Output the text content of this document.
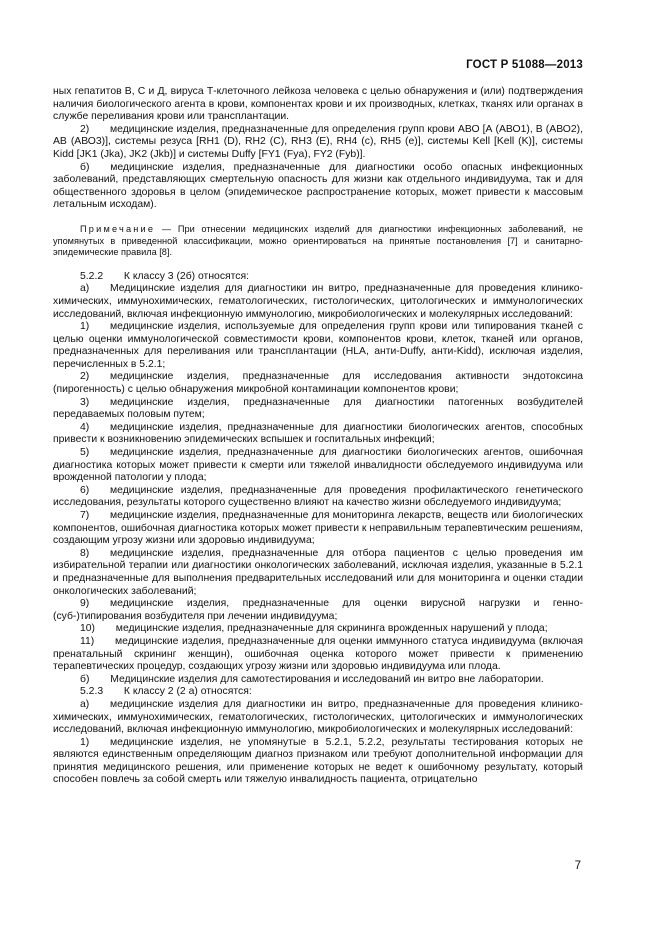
ГОСТ Р 51088—2013

ных гепатитов В, С и Д, вируса Т-клеточного лейкоза человека с целью обнаружения и (или) подтверждения наличия биологического агента в крови, компонентах крови и их производных, клетках, тканях или органах в службе переливания крови или трансплантации.

2)  медицинские изделия, предназначенные для определения групп крови АВО [А (АВО1), В (АВО2), АВ (АВО3)], системы резуса [RH1 (D), RH2 (С), RH3 (Е), RH4 (с), RH5 (е)], системы Kell [Kell (K)], системы Kidd [JK1 (Jka), JK2 (Jkb)] и системы Duffy [FY1 (Fya), FY2 (Fyb)].

б)  медицинские изделия, предназначенные для диагностики особо опасных инфекционных заболеваний, представляющих смертельную опасность для жизни как отдельного индивидуума, так и для общественного здоровья в целом (эпидемическое распространение которых, может привести к массовым летальным исходам).

Примечание — При отнесении медицинских изделий для диагностики инфекционных заболеваний, не упомянутых в приведенной классификации, можно ориентироваться на принятые постановления [7] и санитарно-эпидемические правила [8].

5.2.2  К классу 3 (2б) относятся:

а)  Медицинские изделия для диагностики ин витро, предназначенные для проведения клинико-химических, иммунохимических, гематологических, гистологических, цитологических и иммунологических исследований, включая инфекционную иммунологию, микробиологических и молекулярных исследований:

1)  медицинские изделия, используемые для определения групп крови или типирования тканей с целью оценки иммунологической совместимости крови, компонентов крови, клеток, тканей или органов, предназначенных для переливания или трансплантации (HLA, анти-Duffy, анти-Kidd), исключая изделия, перечисленных в 5.2.1;

2)  медицинские изделия, предназначенные для исследования активности эндотоксина (пирогенность) с целью обнаружения микробной контаминации компонентов крови;

3)  медицинские изделия, предназначенные для диагностики патогенных возбудителей передаваемых половым путем;

4)  медицинские изделия, предназначенные для диагностики биологических агентов, способных привести к возникновению эпидемических вспышек и госпитальных инфекций;

5)  медицинские изделия, предназначенные для диагностики биологических агентов, ошибочная диагностика которых может привести к смерти или тяжелой инвалидности обследуемого индивидуума или врожденной патологии у плода;

6)  медицинские изделия, предназначенные для проведения профилактического генетического исследования, результаты которого существенно влияют на качество жизни обследуемого индивидуума;

7)  медицинские изделия, предназначенные для мониторинга лекарств, веществ или биологических компонентов, ошибочная диагностика которых может привести к неправильным терапевтическим решениям, создающим угрозу жизни или здоровью индивидуума;

8)  медицинские изделия, предназначенные для отбора пациентов с целью проведения им избирательной терапии или диагностики онкологических заболеваний, исключая изделия, указанные в 5.2.1 и предназначенные для выполнения предварительных исследований или для мониторинга и оценки стадии онкологических заболеваний;

9)  медицинские изделия, предназначенные для оценки вирусной нагрузки и генно-(суб-)типирования возбудителя при лечении индивидуума;

10)  медицинские изделия, предназначенные для скрининга врожденных нарушений у плода;

11)  медицинские изделия, предназначенные для оценки иммунного статуса индивидуума (включая пренатальный скрининг женщин), ошибочная оценка которого может привести к применению терапевтических процедур, создающих угрозу жизни или здоровью индивидуума или плода.

б)  Медицинские изделия для самотестирования и исследований ин витро вне лаборатории.

5.2.3  К классу 2 (2 а) относятся:

а)  медицинские изделия для диагностики ин витро, предназначенные для проведения клинико-химических, иммунохимических, гематологических, гистологических, цитологических и иммунологических исследований, включая инфекционную иммунологию, микробиологических и молекулярных исследований:

1)  медицинские изделия, не упомянутые в 5.2.1, 5.2.2, результаты тестирования которых не являются единственным определяющим диагноз признаком или требуют дополнительной информации для принятия медицинского решения, или применение которых не ведет к ошибочному результату, который способен повлечь за собой смерть или тяжелую инвалидность пациента, отрицательно

7
